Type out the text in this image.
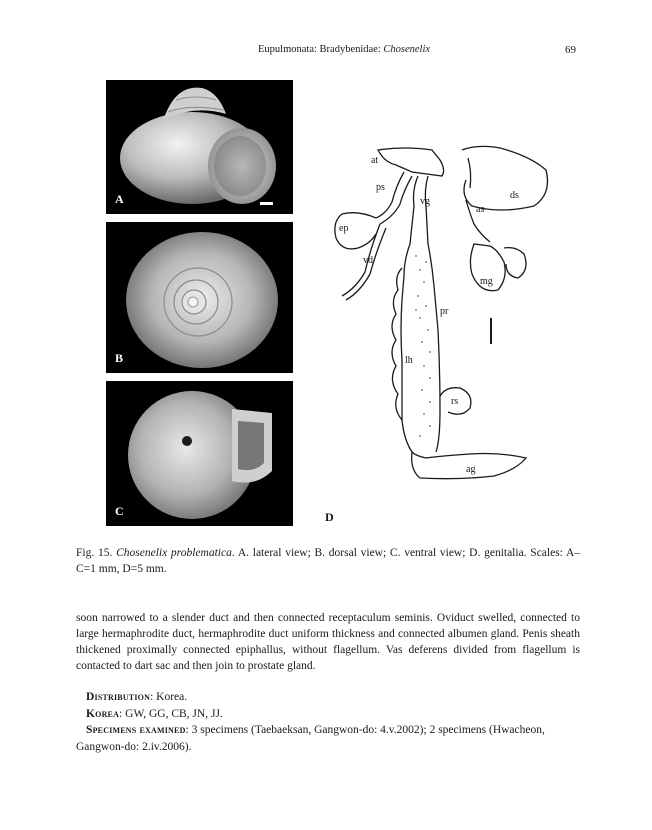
Eupulmonata: Bradybenidae: Chosenelix	69
A
B
C
at
ps
vg
ds
as
ep
vd
mg
pr
lh
rs
ag
D
Fig. 15. Chosenelix problematica. A. lateral view; B. dorsal view; C. ventral view; D. genitalia. Scales: A–C=1 mm, D=5 mm.

soon narrowed to a slender duct and then connected receptaculum seminis. Oviduct swelled, connected to large hermaphrodite duct, hermaphrodite duct uniform thickness and connected albumen gland. Penis sheath thickened proximally connected epiphallus, without flagellum. Vas deferens divided from flagellum is contacted to dart sac and then join to prostate gland.

Distribution: Korea.

Korea: GW, GG, CB, JN, JJ.

Specimens examined: 3 specimens (Taebaeksan, Gangwon-do: 4.v.2002); 2 specimens (Hwacheon, Gangwon-do: 2.iv.2006).
